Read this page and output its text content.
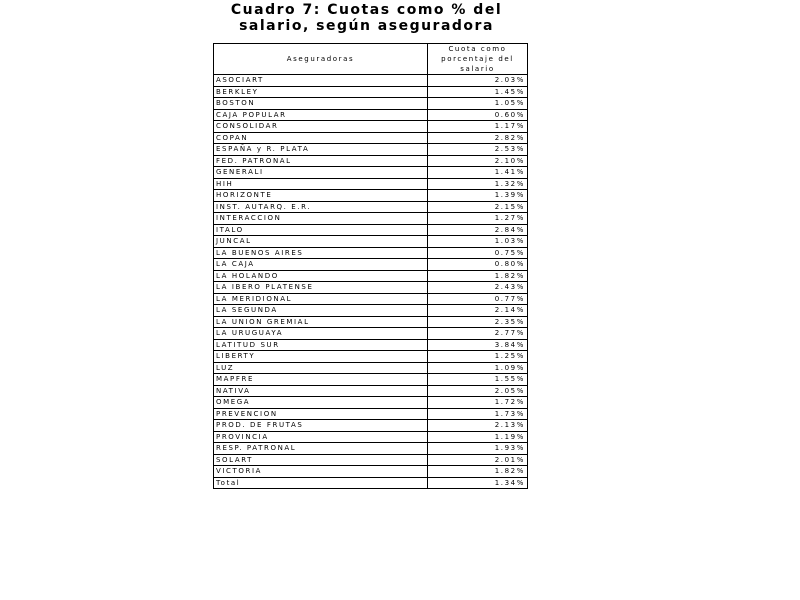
Cuadro 7: Cuotas como % del
salario, según aseguradora
Aseguradoras	Cuota como porcentaje del salario
ASOCIART	2.03%
BERKLEY	1.45%
BOSTON	1.05%
CAJA POPULAR	0.60%
CONSOLIDAR	1.17%
COPAN	2.82%
ESPAÑA y R. PLATA	2.53%
FED. PATRONAL	2.10%
GENERALI	1.41%
HIH	1.32%
HORIZONTE	1.39%
INST. AUTARQ. E.R.	2.15%
INTERACCION	1.27%
ITALO	2.84%
JUNCAL	1.03%
LA BUENOS AIRES	0.75%
LA CAJA	0.80%
LA HOLANDO	1.82%
LA IBERO PLATENSE	2.43%
LA MERIDIONAL	0.77%
LA SEGUNDA	2.14%
LA UNION GREMIAL	2.35%
LA URUGUAYA	2.77%
LATITUD SUR	3.84%
LIBERTY	1.25%
LUZ	1.09%
MAPFRE	1.55%
NATIVA	2.05%
OMEGA	1.72%
PREVENCION	1.73%
PROD. DE FRUTAS	2.13%
PROVINCIA	1.19%
RESP. PATRONAL	1.93%
SOLART	2.01%
VICTORIA	1.82%
Total	1.34%
